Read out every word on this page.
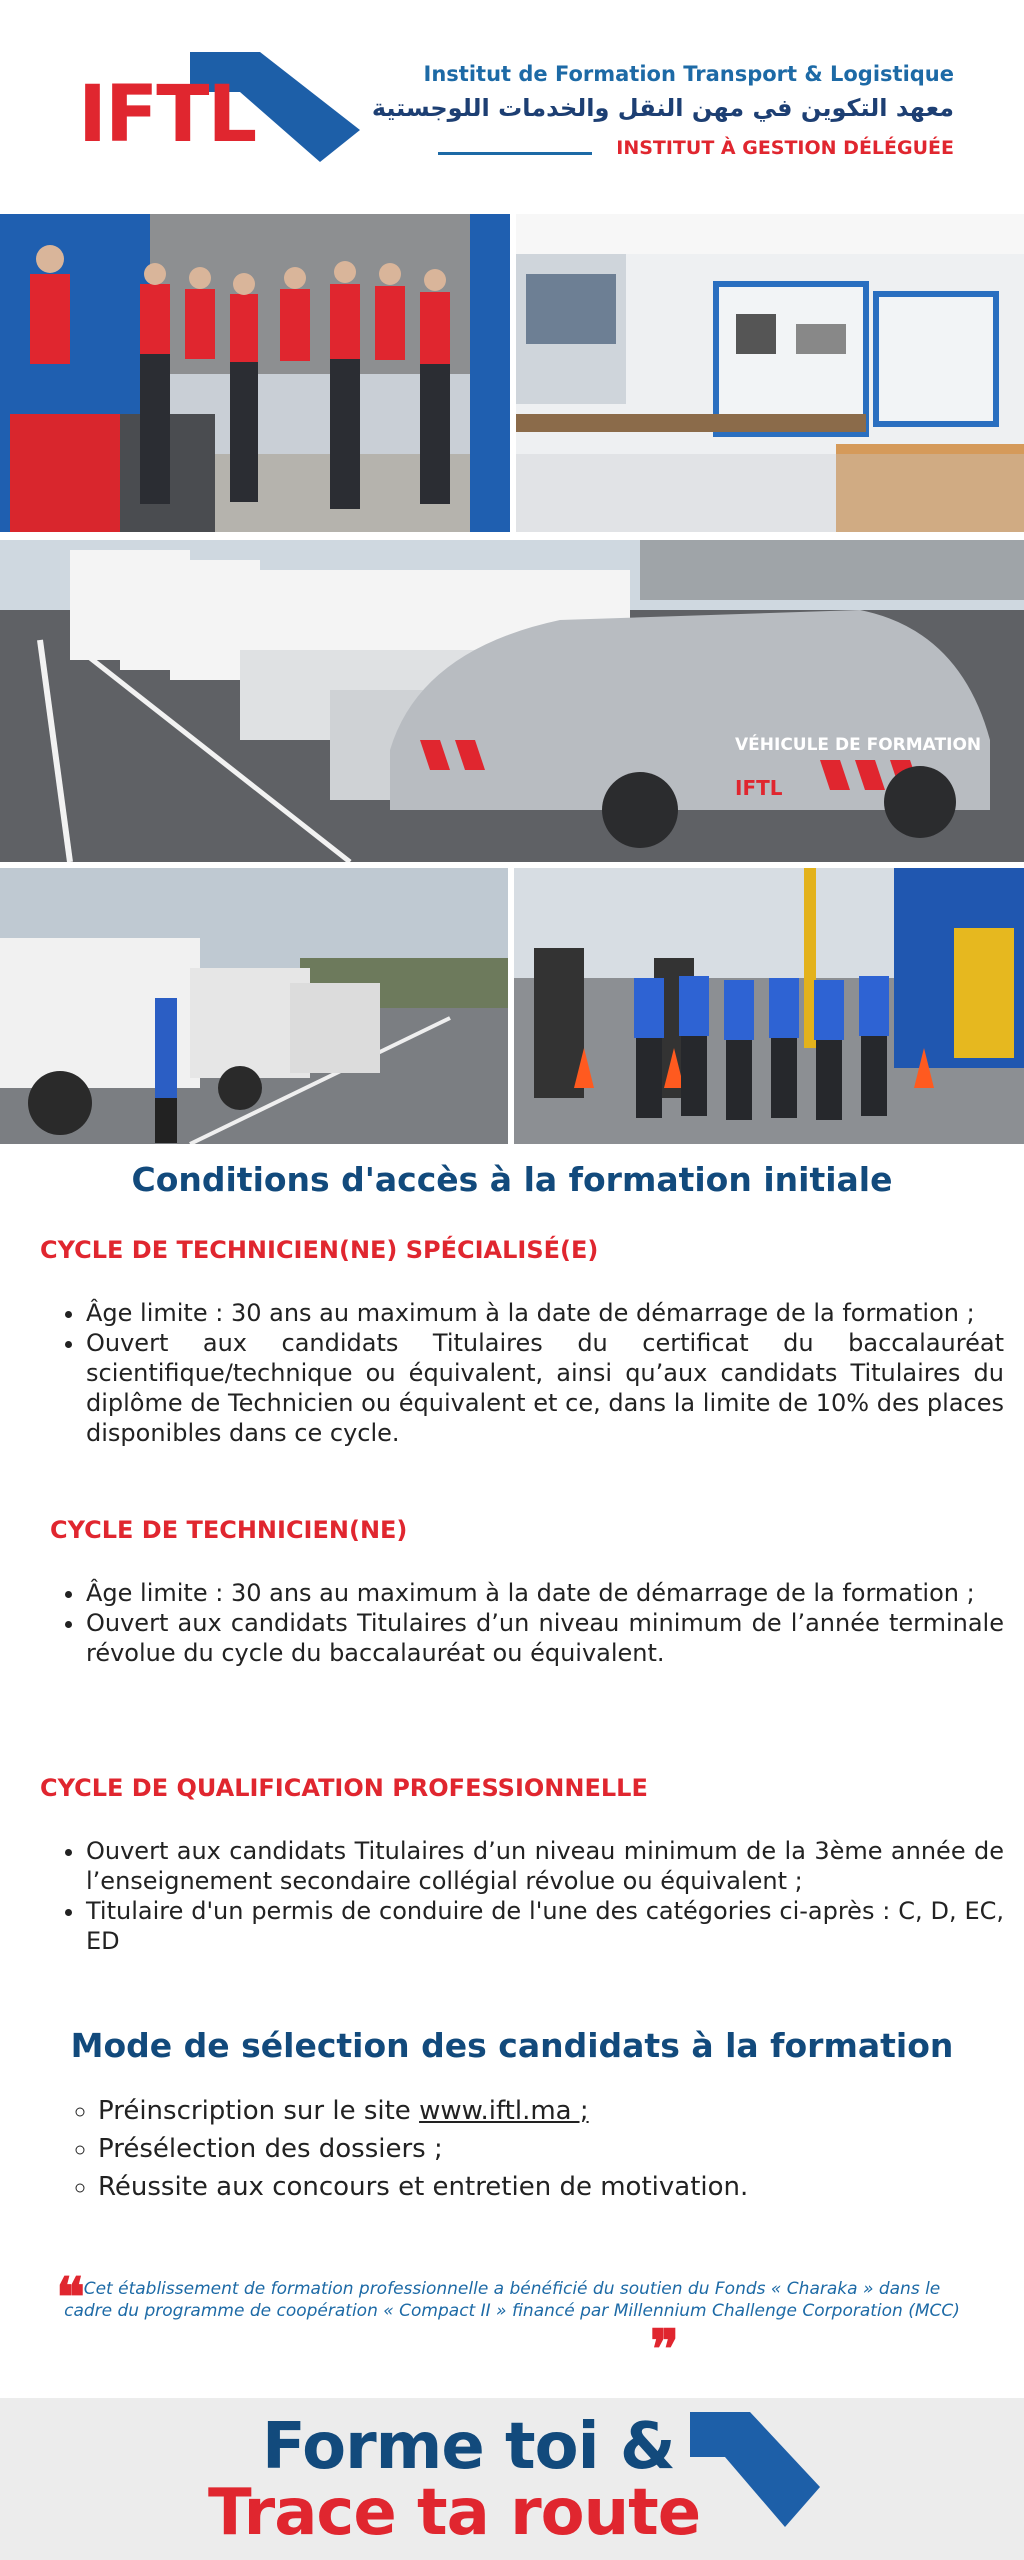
IFTL	Institut de Formation Transport & Logistique
معهد التكوين في مهن النقل والخدمات اللوجستية
INSTITUT À GESTION DÉLÉGUÉE
VÉHICULE DE FORMATION
IFTL
Conditions d'accès à la formation initiale
CYCLE DE TECHNICIEN(NE) SPÉCIALISÉ(E)
• Âge limite : 30 ans au maximum à la date de démarrage de la formation ;
• Ouvert aux candidats Titulaires du certificat du baccalauréat scientifique/technique ou équivalent, ainsi qu’aux candidats Titulaires du diplôme de Technicien ou équivalent et ce, dans la limite de 10% des places disponibles dans ce cycle.
CYCLE DE TECHNICIEN(NE)
• Âge limite : 30 ans au maximum à la date de démarrage de la formation ;
• Ouvert aux candidats Titulaires d’un niveau minimum de l’année terminale révolue du cycle du baccalauréat ou équivalent.
CYCLE DE QUALIFICATION PROFESSIONNELLE
• Ouvert aux candidats Titulaires d’un niveau minimum de la 3ème année de l’enseignement secondaire collégial révolue ou équivalent ;
• Titulaire d'un permis de conduire de l'une des catégories ci-après : C, D, EC, ED
Mode de sélection des candidats à la formation
◦ Préinscription sur le site www.iftl.ma ;
◦ Présélection des dossiers ;
◦ Réussite aux concours et entretien de motivation.
❝
Cet établissement de formation professionnelle a bénéficié du soutien du Fonds « Charaka » dans le cadre du programme de coopération « Compact II » financé par Millennium Challenge Corporation (MCC)
❞
Forme toi &
Trace ta route
